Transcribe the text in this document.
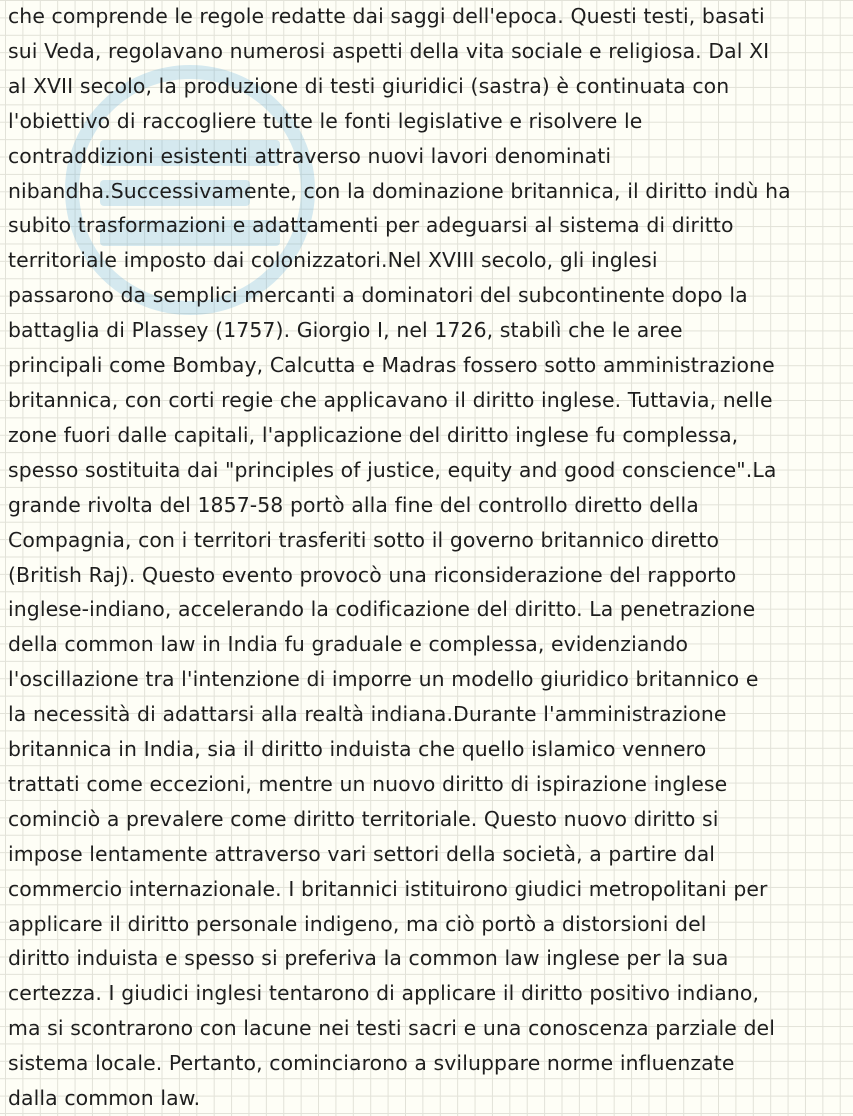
che comprende le regole redatte dai saggi dell'epoca. Questi testi, basati
sui Veda, regolavano numerosi aspetti della vita sociale e religiosa. Dal XI
al XVII secolo, la produzione di testi giuridici (sastra) è continuata con
l'obiettivo di raccogliere tutte le fonti legislative e risolvere le
contraddizioni esistenti attraverso nuovi lavori denominati
nibandha.Successivamente, con la dominazione britannica, il diritto indù ha
subito trasformazioni e adattamenti per adeguarsi al sistema di diritto
territoriale imposto dai colonizzatori.Nel XVIII secolo, gli inglesi
passarono da semplici mercanti a dominatori del subcontinente dopo la
battaglia di Plassey (1757). Giorgio I, nel 1726, stabilì che le aree
principali come Bombay, Calcutta e Madras fossero sotto amministrazione
britannica, con corti regie che applicavano il diritto inglese. Tuttavia, nelle
zone fuori dalle capitali, l'applicazione del diritto inglese fu complessa,
spesso sostituita dai "principles of justice, equity and good conscience".La
grande rivolta del 1857-58 portò alla fine del controllo diretto della
Compagnia, con i territori trasferiti sotto il governo britannico diretto
(British Raj). Questo evento provocò una riconsiderazione del rapporto
inglese-indiano, accelerando la codificazione del diritto. La penetrazione
della common law in India fu graduale e complessa, evidenziando
l'oscillazione tra l'intenzione di imporre un modello giuridico britannico e
la necessità di adattarsi alla realtà indiana.Durante l'amministrazione
britannica in India, sia il diritto induista che quello islamico vennero
trattati come eccezioni, mentre un nuovo diritto di ispirazione inglese
cominciò a prevalere come diritto territoriale. Questo nuovo diritto si
impose lentamente attraverso vari settori della società, a partire dal
commercio internazionale. I britannici istituirono giudici metropolitani per
applicare il diritto personale indigeno, ma ciò portò a distorsioni del
diritto induista e spesso si preferiva la common law inglese per la sua
certezza. I giudici inglesi tentarono di applicare il diritto positivo indiano,
ma si scontrarono con lacune nei testi sacri e una conoscenza parziale del
sistema locale. Pertanto, cominciarono a sviluppare norme influenzate
dalla common law.
